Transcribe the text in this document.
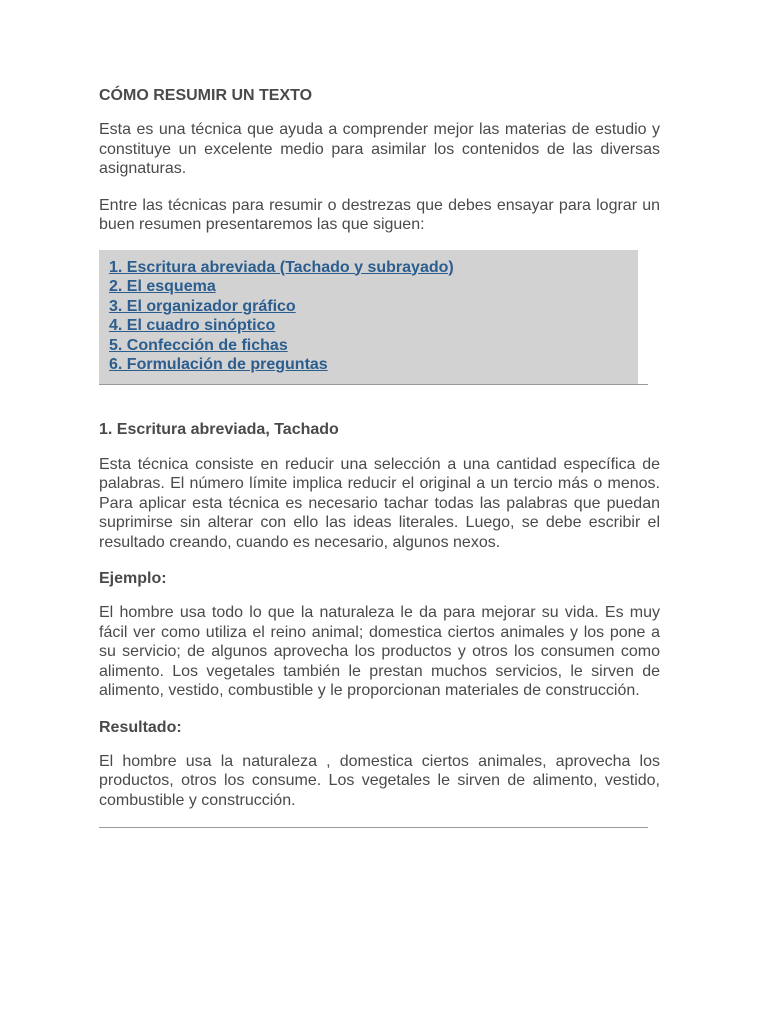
CÓMO RESUMIR UN TEXTO

Esta es una técnica que ayuda a comprender mejor las materias de estudio y constituye un excelente medio para asimilar los contenidos de las diversas asignaturas.

Entre las técnicas para resumir o destrezas que debes ensayar para lograr un buen resumen presentaremos las que siguen:

1. Escritura abreviada (Tachado y subrayado)
2. El esquema
3. El organizador gráfico
4. El cuadro sinóptico
5. Confección de fichas
6. Formulación de preguntas
1. Escritura abreviada, Tachado

Esta técnica consiste en reducir una selección a una cantidad específica de palabras. El número límite implica reducir el original a un tercio más o menos. Para aplicar esta técnica es necesario tachar todas las palabras que puedan suprimirse sin alterar con ello las ideas literales. Luego, se debe escribir el resultado creando, cuando es necesario, algunos nexos.

Ejemplo:

El hombre usa todo lo que la naturaleza le da para mejorar su vida. Es muy fácil ver como utiliza el reino animal; domestica ciertos animales y los pone a su servicio; de algunos aprovecha los productos y otros los consumen como alimento. Los vegetales también le prestan muchos servicios, le sirven de alimento, vestido, combustible y le proporcionan materiales de construcción.

Resultado:

El hombre usa la naturaleza , domestica ciertos animales, aprovecha los productos, otros los consume. Los vegetales le sirven de alimento, vestido, combustible y construcción.
